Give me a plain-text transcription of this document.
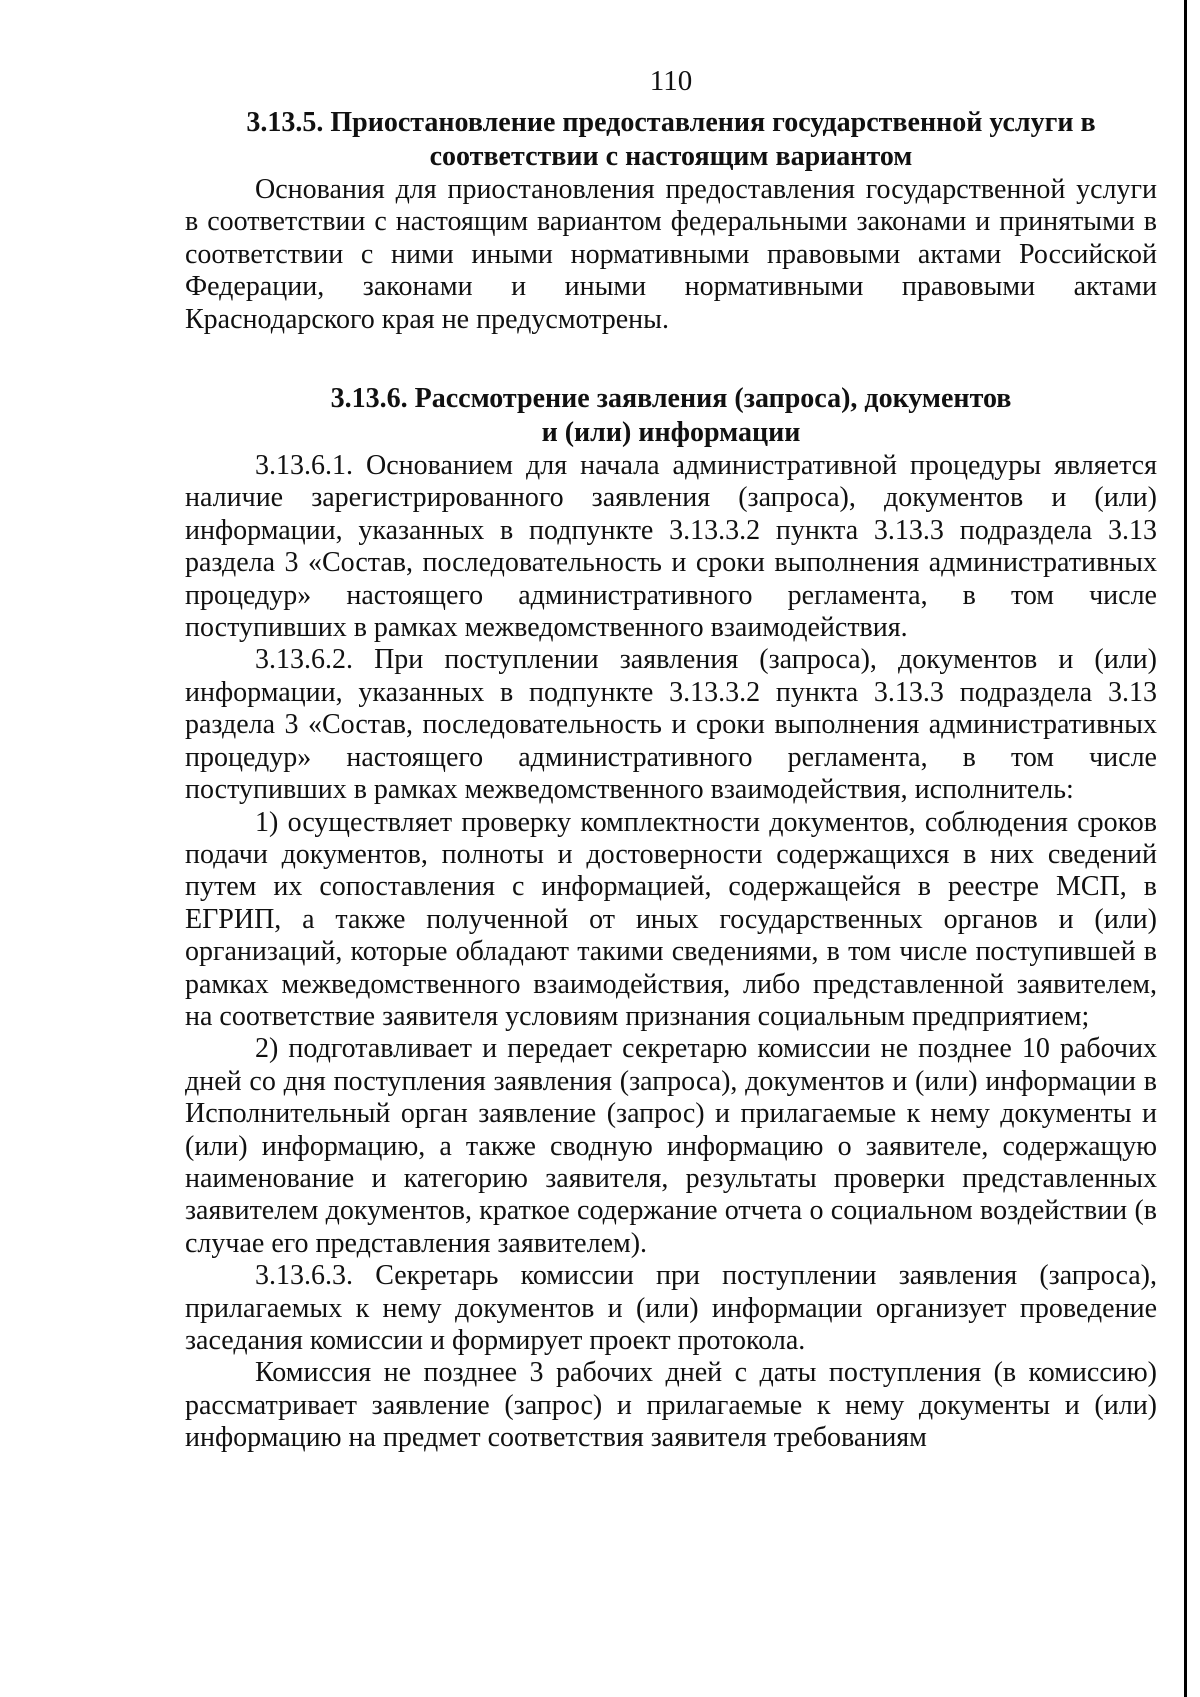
110
3.13.5. Приостановление предоставления государственной услуги в
соответствии с настоящим вариантом

Основания для приостановления предоставления государственной услуги в соответствии с настоящим вариантом федеральными законами и принятыми в соответствии с ними иными нормативными правовыми актами Российской Федерации, законами и иными нормативными правовыми актами Краснодарского края не предусмотрены.

3.13.6. Рассмотрение заявления (запроса), документов
и (или) информации

3.13.6.1. Основанием для начала административной процедуры является наличие зарегистрированного заявления (запроса), документов и (или) информации, указанных в подпункте 3.13.3.2 пункта 3.13.3 подраздела 3.13 раздела 3 «Состав, последовательность и сроки выполнения административных процедур» настоящего административного регламента, в том числе поступивших в рамках межведомственного взаимодействия.

3.13.6.2. При поступлении заявления (запроса), документов и (или) информации, указанных в подпункте 3.13.3.2 пункта 3.13.3 подраздела 3.13 раздела 3 «Состав, последовательность и сроки выполнения административных процедур» настоящего административного регламента, в том числе поступивших в рамках межведомственного взаимодействия, исполнитель:

1) осуществляет проверку комплектности документов, соблюдения сроков подачи документов, полноты и достоверности содержащихся в них сведений путем их сопоставления с информацией, содержащейся в реестре МСП, в ЕГРИП, а также полученной от иных государственных органов и (или) организаций, которые обладают такими сведениями, в том числе поступившей в рамках межведомственного взаимодействия, либо представленной заявителем, на соответствие заявителя условиям признания социальным предприятием;

2) подготавливает и передает секретарю комиссии не позднее 10 рабочих дней со дня поступления заявления (запроса), документов и (или) информации в Исполнительный орган заявление (запрос) и прилагаемые к нему документы и (или) информацию, а также сводную информацию о заявителе, содержащую наименование и категорию заявителя, результаты проверки представленных заявителем документов, краткое содержание отчета о социальном воздействии (в случае его представления заявителем).

3.13.6.3. Секретарь комиссии при поступлении заявления (запроса), прилагаемых к нему документов и (или) информации организует проведение заседания комиссии и формирует проект протокола.

Комиссия не позднее 3 рабочих дней с даты поступления (в комиссию) рассматривает заявление (запрос) и прилагаемые к нему документы и (или) информацию на предмет соответствия заявителя требованиям
